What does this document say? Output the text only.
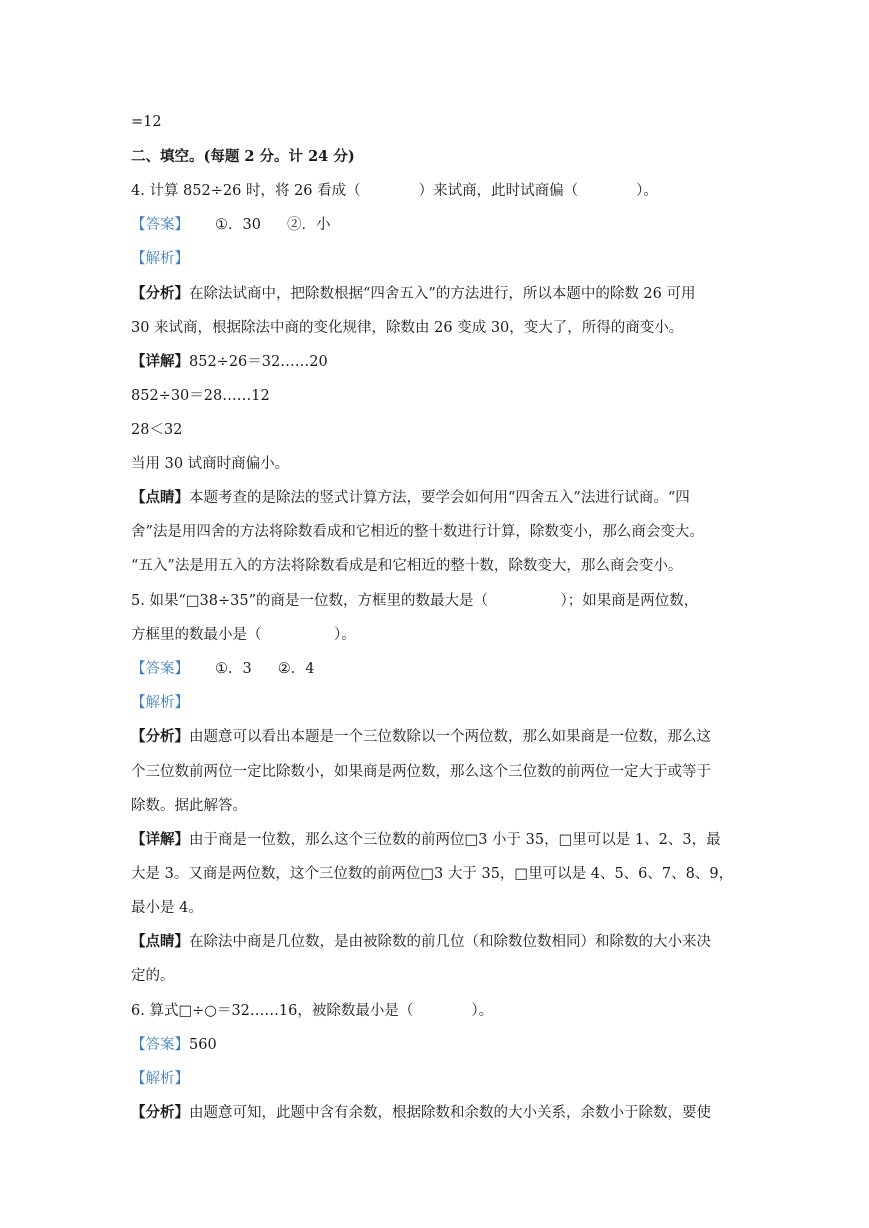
=12
二、填空。(每题 2 分。计 24 分)
4. 计算 852÷26 时，将 26 看成（　　　　）来试商，此时试商偏（　　　　）。
【答案】 ①．30 ②．小
【解析】
【分析】在除法试商中，把除数根据“四舍五入”的方法进行，所以本题中的除数 26 可用
30 来试商，根据除法中商的变化规律，除数由 26 变成 30，变大了，所得的商变小。
【详解】852÷26＝32……20
852÷30＝28……12
28＜32
当用 30 试商时商偏小。
【点睛】本题考查的是除法的竖式计算方法，要学会如何用“四舍五入”法进行试商。“四
舍”法是用四舍的方法将除数看成和它相近的整十数进行计算，除数变小，那么商会变大。
“五入”法是用五入的方法将除数看成是和它相近的整十数，除数变大，那么商会变小。
5. 如果“□38÷35”的商是一位数，方框里的数最大是（　　　　　）；如果商是两位数，
方框里的数最小是（　　　　　）。
【答案】 ①．3 ②．4
【解析】
【分析】由题意可以看出本题是一个三位数除以一个两位数，那么如果商是一位数，那么这
个三位数前两位一定比除数小，如果商是两位数，那么这个三位数的前两位一定大于或等于
除数。据此解答。
【详解】由于商是一位数，那么这个三位数的前两位□3 小于 35，□里可以是 1、2、3，最
大是 3。又商是两位数，这个三位数的前两位□3 大于 35，□里可以是 4、5、6、7、8、9，
最小是 4。
【点睛】在除法中商是几位数，是由被除数的前几位（和除数位数相同）和除数的大小来决
定的。
6. 算式□÷○＝32……16，被除数最小是（　　　　）。
【答案】560
【解析】
【分析】由题意可知，此题中含有余数，根据除数和余数的大小关系，余数小于除数，要使
